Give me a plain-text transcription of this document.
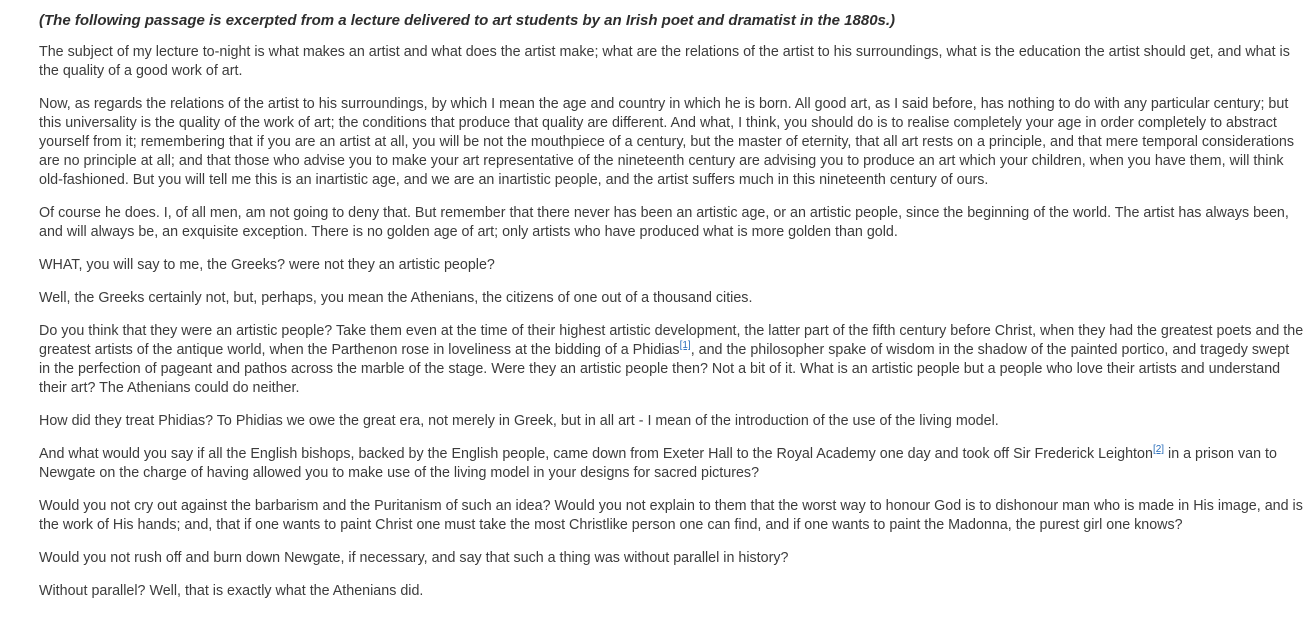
(The following passage is excerpted from a lecture delivered to art students by an Irish poet and dramatist in the 1880s.)

The subject of my lecture to-night is what makes an artist and what does the artist make; what are the relations of the artist to his surroundings, what is the education the artist should get, and what is the quality of a good work of art.

Now, as regards the relations of the artist to his surroundings, by which I mean the age and country in which he is born. All good art, as I said before, has nothing to do with any particular century; but this universality is the quality of the work of art; the conditions that produce that quality are different. And what, I think, you should do is to realise completely your age in order completely to abstract yourself from it; remembering that if you are an artist at all, you will be not the mouthpiece of a century, but the master of eternity, that all art rests on a principle, and that mere temporal considerations are no principle at all; and that those who advise you to make your art representative of the nineteenth century are advising you to produce an art which your children, when you have them, will think old-fashioned. But you will tell me this is an inartistic age, and we are an inartistic people, and the artist suffers much in this nineteenth century of ours.

Of course he does. I, of all men, am not going to deny that. But remember that there never has been an artistic age, or an artistic people, since the beginning of the world. The artist has always been, and will always be, an exquisite exception. There is no golden age of art; only artists who have produced what is more golden than gold.

WHAT, you will say to me, the Greeks? were not they an artistic people?

Well, the Greeks certainly not, but, perhaps, you mean the Athenians, the citizens of one out of a thousand cities.

Do you think that they were an artistic people? Take them even at the time of their highest artistic development, the latter part of the fifth century before Christ, when they had the greatest poets and the greatest artists of the antique world, when the Parthenon rose in loveliness at the bidding of a Phidias[1], and the philosopher spake of wisdom in the shadow of the painted portico, and tragedy swept in the perfection of pageant and pathos across the marble of the stage. Were they an artistic people then? Not a bit of it. What is an artistic people but a people who love their artists and understand their art? The Athenians could do neither.

How did they treat Phidias? To Phidias we owe the great era, not merely in Greek, but in all art - I mean of the introduction of the use of the living model.

And what would you say if all the English bishops, backed by the English people, came down from Exeter Hall to the Royal Academy one day and took off Sir Frederick Leighton[2] in a prison van to Newgate on the charge of having allowed you to make use of the living model in your designs for sacred pictures?

Would you not cry out against the barbarism and the Puritanism of such an idea? Would you not explain to them that the worst way to honour God is to dishonour man who is made in His image, and is the work of His hands; and, that if one wants to paint Christ one must take the most Christlike person one can find, and if one wants to paint the Madonna, the purest girl one knows?

Would you not rush off and burn down Newgate, if necessary, and say that such a thing was without parallel in history?

Without parallel? Well, that is exactly what the Athenians did.
